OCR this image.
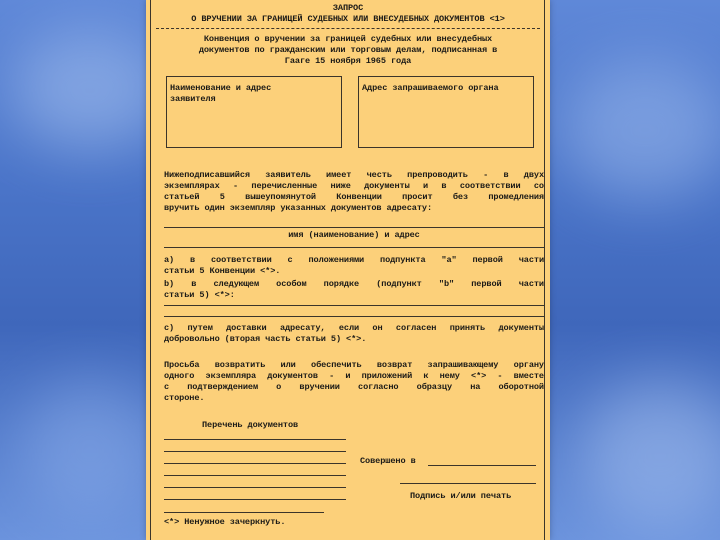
ЗАПРОС
О ВРУЧЕНИИ ЗА ГРАНИЦЕЙ СУДЕБНЫХ ИЛИ ВНЕСУДЕБНЫХ ДОКУМЕНТОВ <1>
Конвенция о вручении за границей судебных или внесудебных
документов по гражданским или торговым делам, подписанная в
Гааге 15 ноября 1965 года
Наименование и адрес
заявителя
Адрес запрашиваемого органа
Нижеподписавшийся заявитель имеет честь препроводить - в двух
экземплярах - перечисленные ниже документы и в соответствии со
статьей 5 вышеупомянутой Конвенции просит без промедления
вручить один экземпляр указанных документов адресату:
имя (наименование) и адрес
а) в соответствии с положениями подпункта "а" первой части
статьи 5 Конвенции <*>.
b) в следующем особом порядке (подпункт "b" первой части
статьи 5) <*>:
с) путем доставки адресату, если он согласен принять документы
добровольно (вторая часть статьи 5) <*>.
Просьба возвратить или обеспечить возврат запрашивающему органу
одного экземпляра документов - и приложений к нему <*> - вместе
с подтверждением о вручении согласно образцу на оборотной
стороне.
Перечень документов
Совершено в
Подпись и/или печать
<*> Ненужное зачеркнуть.
